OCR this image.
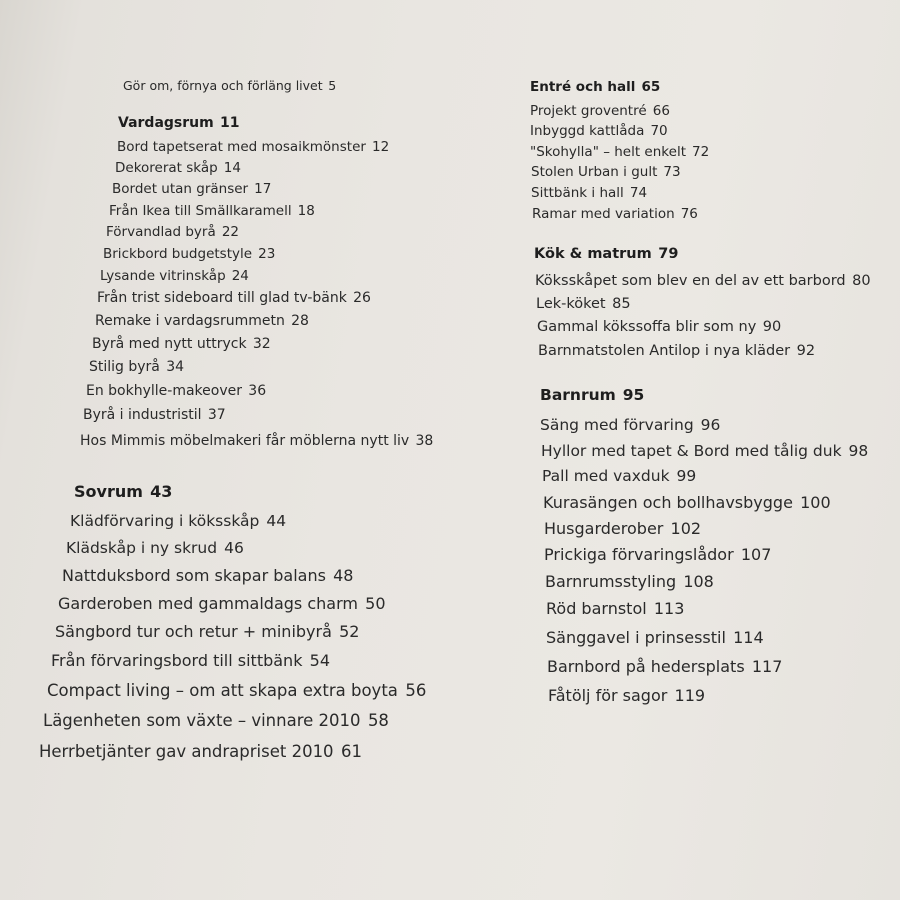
Gör om, förnya och förläng livet 5
Vardagsrum 11
Bord tapetserat med mosaikmönster 12
Dekorerat skåp 14
Bordet utan gränser 17
Från Ikea till Smällkaramell 18
Förvandlad byrå 22
Brickbord budgetstyle 23
Lysande vitrinskåp 24
Från trist sideboard till glad tv-bänk 26
Remake i vardagsrummetn 28
Byrå med nytt uttryck 32
Stilig byrå 34
En bokhylle-makeover 36
Byrå i industristil 37
Hos Mimmis möbelmakeri får möblerna nytt liv 38
Sovrum 43
Klädförvaring i köksskåp 44
Klädskåp i ny skrud 46
Nattduksbord som skapar balans 48
Garderoben med gammaldags charm 50
Sängbord tur och retur + minibyrå 52
Från förvaringsbord till sittbänk 54
Compact living – om att skapa extra boyta 56
Lägenheten som växte – vinnare 2010 58
Herrbetjänter gav andrapriset 2010 61
Entré och hall 65
Projekt groventré 66
Inbyggd kattlåda 70
"Skohylla" – helt enkelt 72
Stolen Urban i gult 73
Sittbänk i hall 74
Ramar med variation 76
Kök & matrum 79
Köksskåpet som blev en del av ett barbord 80
Lek-köket 85
Gammal kökssoffa blir som ny 90
Barnmatstolen Antilop i nya kläder 92
Barnrum 95
Säng med förvaring 96
Hyllor med tapet & Bord med tålig duk 98
Pall med vaxduk 99
Kurasängen och bollhavsbygge 100
Husgarderober 102
Prickiga förvaringslådor 107
Barnrumsstyling 108
Röd barnstol 113
Sänggavel i prinsesstil 114
Barnbord på hedersplats 117
Fåtölj för sagor 119
